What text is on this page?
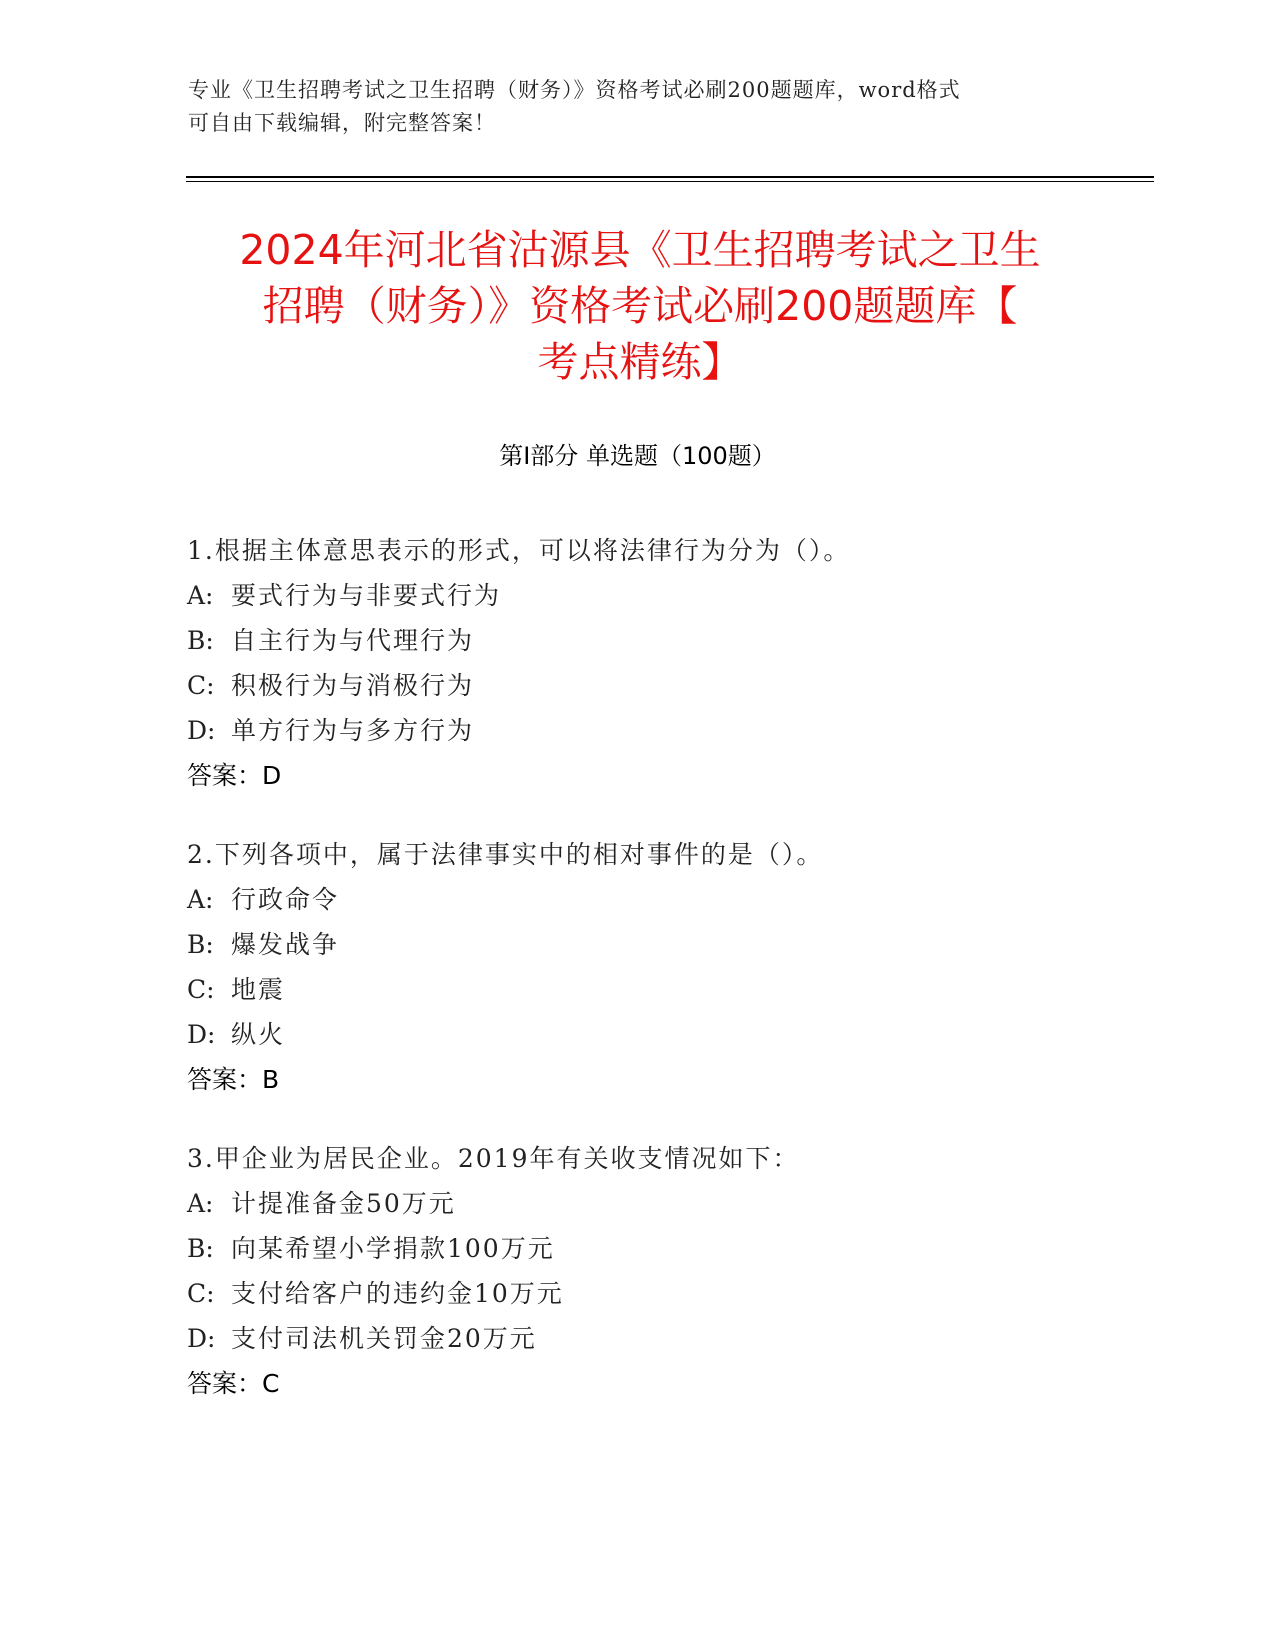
专业《卫生招聘考试之卫生招聘（财务）》资格考试必刷200题题库，word格式
可自由下载编辑，附完整答案！
2024年河北省沽源县《卫生招聘考试之卫生
招聘（财务）》资格考试必刷200题题库【
考点精练】
第Ⅰ部分 单选题（100题）
1.根据主体意思表示的形式，可以将法律行为分为（）。
A: 要式行为与非要式行为
B: 自主行为与代理行为
C: 积极行为与消极行为
D: 单方行为与多方行为
答案：D
2.下列各项中，属于法律事实中的相对事件的是（）。
A: 行政命令
B: 爆发战争
C: 地震
D: 纵火
答案：B
3.甲企业为居民企业。2019年有关收支情况如下：
A: 计提准备金50万元
B: 向某希望小学捐款100万元
C: 支付给客户的违约金10万元
D: 支付司法机关罚金20万元
答案：C
